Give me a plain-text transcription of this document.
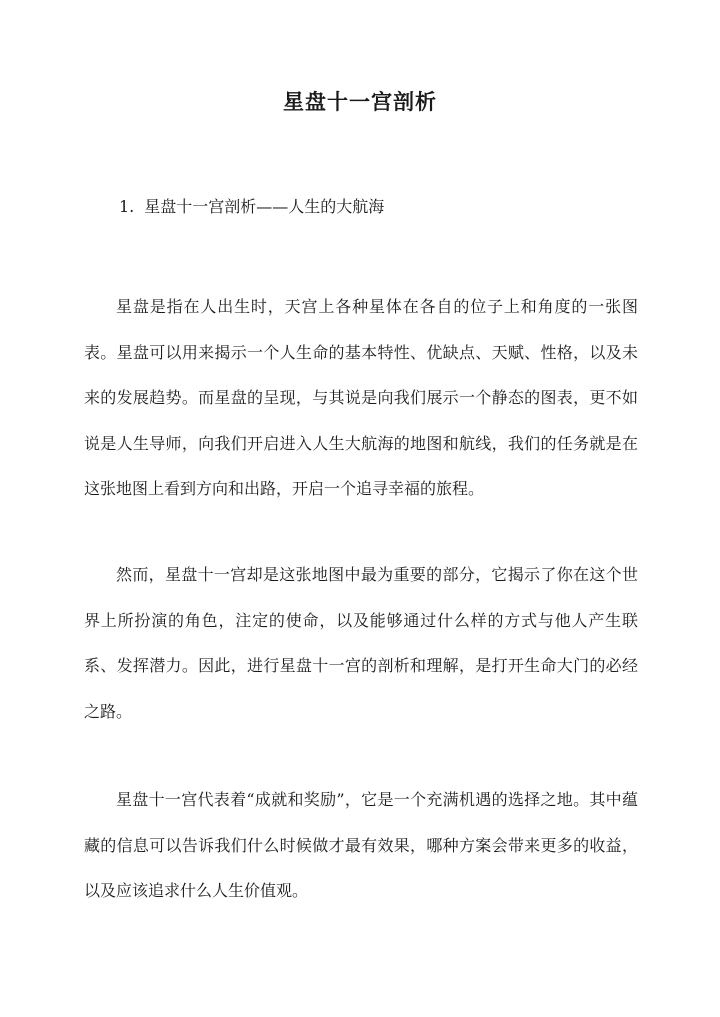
星盘十一宫剖析
1. 星盘十一宫剖析——人生的大航海

星盘是指在人出生时，天宫上各种星体在各自的位子上和角度的一张图表。星盘可以用来揭示一个人生命的基本特性、优缺点、天赋、性格，以及未来的发展趋势。而星盘的呈现，与其说是向我们展示一个静态的图表，更不如说是人生导师，向我们开启进入人生大航海的地图和航线，我们的任务就是在这张地图上看到方向和出路，开启一个追寻幸福的旅程。

然而，星盘十一宫却是这张地图中最为重要的部分，它揭示了你在这个世界上所扮演的角色，注定的使命，以及能够通过什么样的方式与他人产生联系、发挥潜力。因此，进行星盘十一宫的剖析和理解，是打开生命大门的必经之路。

星盘十一宫代表着“成就和奖励”，它是一个充满机遇的选择之地。其中蕴藏的信息可以告诉我们什么时候做才最有效果，哪种方案会带来更多的收益，以及应该追求什么人生价值观。
